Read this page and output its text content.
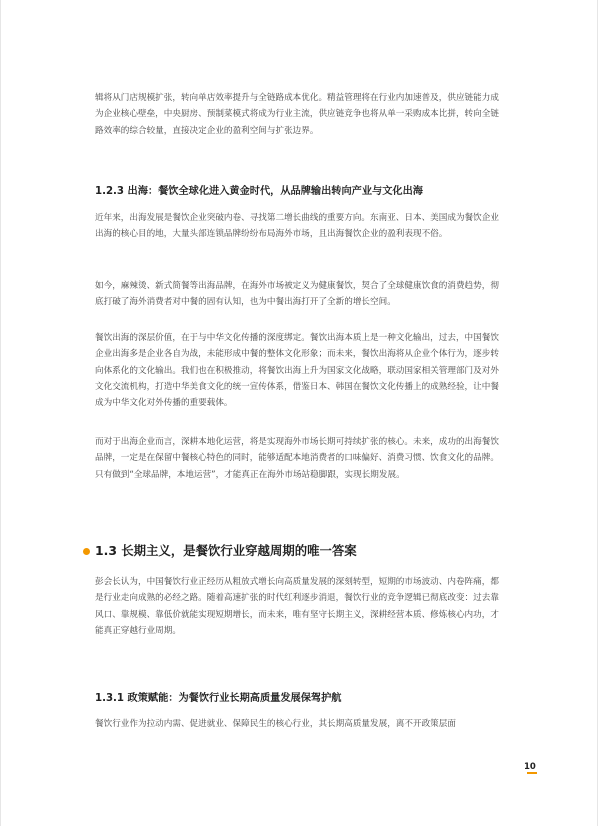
辑将从门店规模扩张，转向单店效率提升与全链路成本优化。精益管理将在行业内加速普及，供应链能力成为企业核心壁垒，中央厨房、预制菜模式将成为行业主流，供应链竞争也将从单一采购成本比拼，转向全链路效率的综合较量，直接决定企业的盈利空间与扩张边界。

1.2.3 出海：餐饮全球化进入黄金时代，从品牌输出转向产业与文化出海

近年来，出海发展是餐饮企业突破内卷、寻找第二增长曲线的重要方向。东南亚、日本、美国成为餐饮企业出海的核心目的地，大量头部连锁品牌纷纷布局海外市场，且出海餐饮企业的盈利表现不俗。

如今，麻辣烫、新式简餐等出海品牌，在海外市场被定义为健康餐饮，契合了全球健康饮食的消费趋势，彻底打破了海外消费者对中餐的固有认知，也为中餐出海打开了全新的增长空间。

餐饮出海的深层价值，在于与中华文化传播的深度绑定。餐饮出海本质上是一种文化输出，过去，中国餐饮企业出海多是企业各自为战，未能形成中餐的整体文化形象；而未来，餐饮出海将从企业个体行为，逐步转向体系化的文化输出。我们也在积极推动，将餐饮出海上升为国家文化战略，联动国家相关管理部门及对外文化交流机构，打造中华美食文化的统一宣传体系，借鉴日本、韩国在餐饮文化传播上的成熟经验，让中餐成为中华文化对外传播的重要载体。

而对于出海企业而言，深耕本地化运营，将是实现海外市场长期可持续扩张的核心。未来，成功的出海餐饮品牌，一定是在保留中餐核心特色的同时，能够适配本地消费者的口味偏好、消费习惯、饮食文化的品牌。只有做到“全球品牌，本地运营”，才能真正在海外市场站稳脚跟，实现长期发展。

1.3 长期主义，是餐饮行业穿越周期的唯一答案

彭会长认为，中国餐饮行业正经历从粗放式增长向高质量发展的深刻转型，短期的市场波动、内卷阵痛，都是行业走向成熟的必经之路。随着高速扩张的时代红利逐步消退，餐饮行业的竞争逻辑已彻底改变：过去靠风口、靠规模、靠低价就能实现短期增长，而未来，唯有坚守长期主义，深耕经营本质、修炼核心内功，才能真正穿越行业周期。

1.3.1 政策赋能：为餐饮行业长期高质量发展保驾护航

餐饮行业作为拉动内需、促进就业、保障民生的核心行业，其长期高质量发展，离不开政策层面

10
